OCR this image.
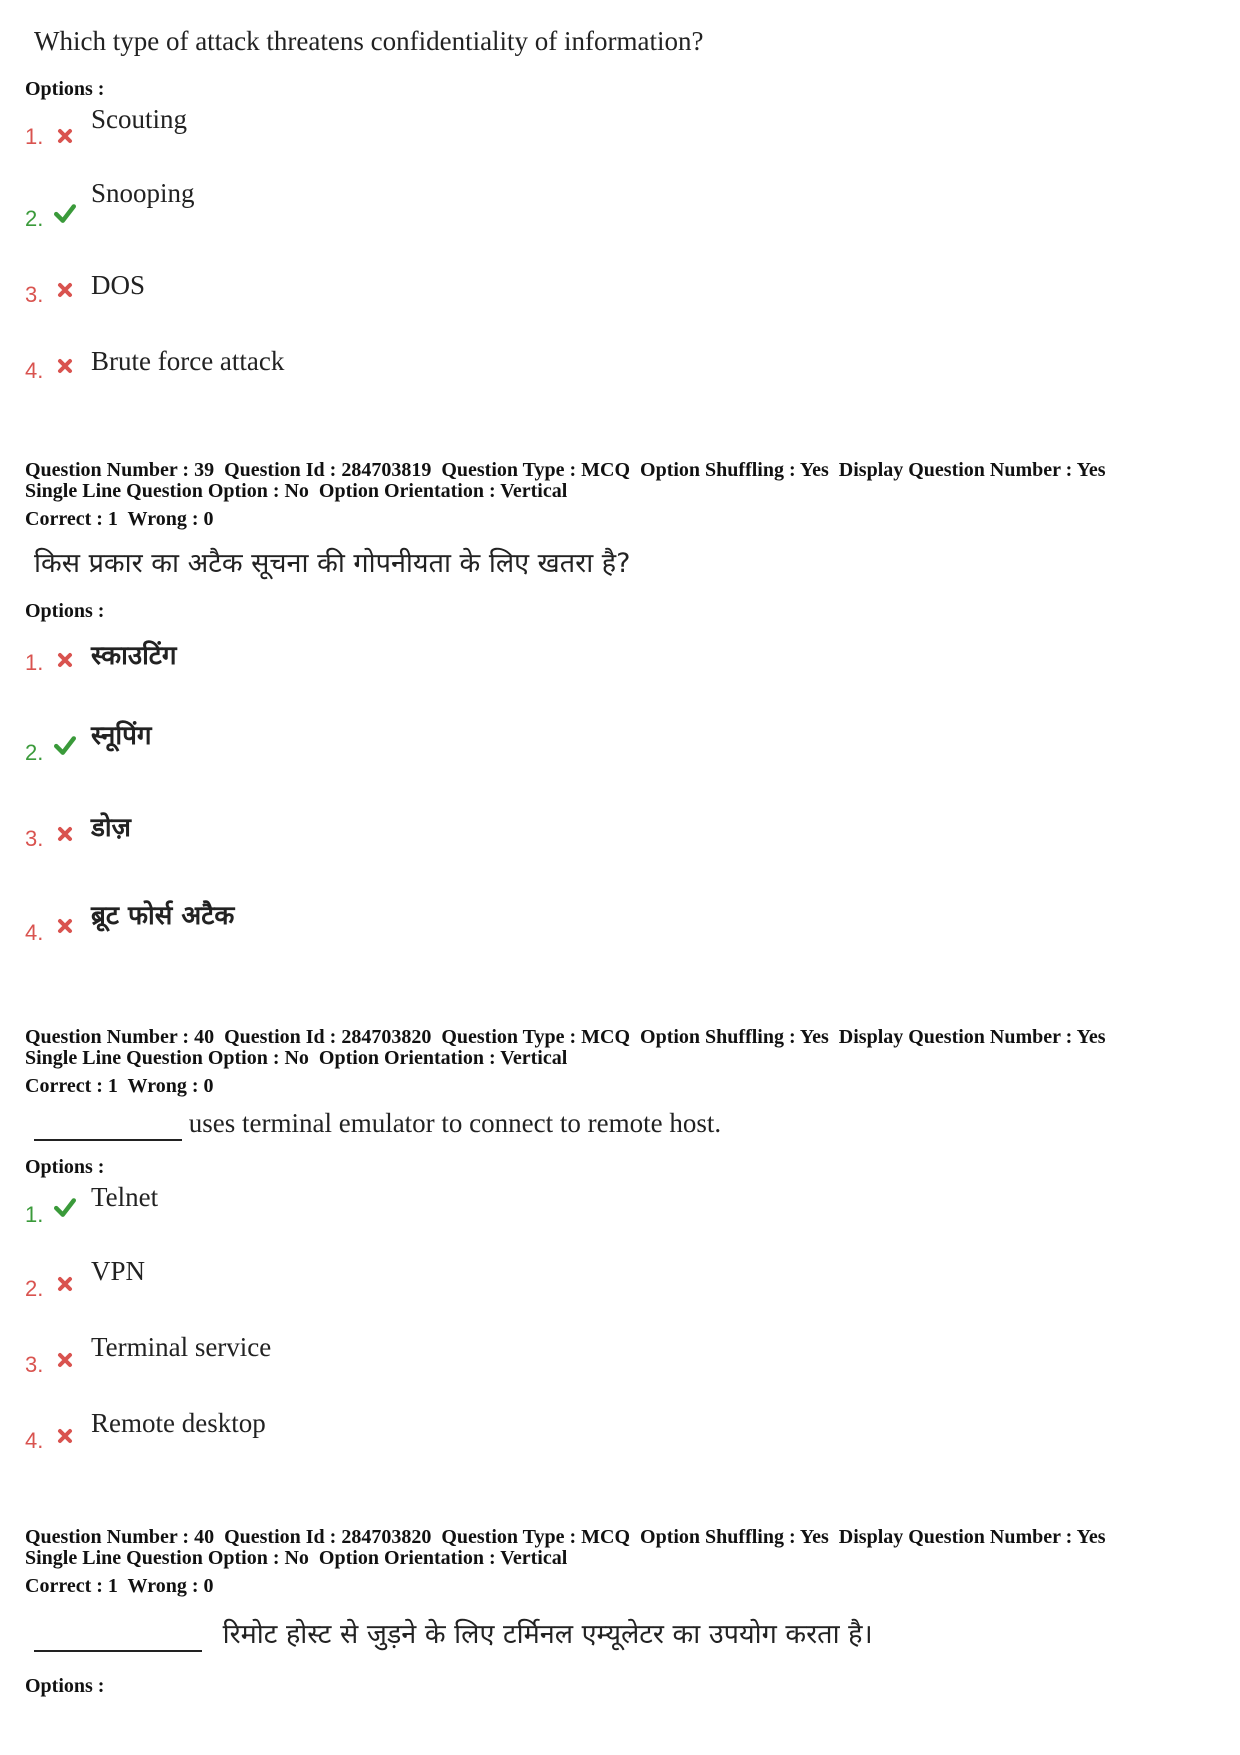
Which type of attack threatens confidentiality of information?
Options :
1.
Scouting
2.
Snooping
3. DOS
4. Brute force attack
Question Number : 39  Question Id : 284703819  Question Type : MCQ  Option Shuffling : Yes  Display Question Number : Yes
Single Line Question Option : No  Option Orientation : Vertical
Correct : 1  Wrong : 0
किस प्रकार का अटैक सूचना की गोपनीयता के लिए खतरा है?
Options :
1. स्काउटिंग
2.
स्नूपिंग
3. डोज़
4.
ब्रूट फोर्स अटैक
Question Number : 40  Question Id : 284703820  Question Type : MCQ  Option Shuffling : Yes  Display Question Number : Yes
Single Line Question Option : No  Option Orientation : Vertical
Correct : 1  Wrong : 0
uses terminal emulator to connect to remote host.
Options :
1.
Telnet
2.
VPN
3.
Terminal service
4.
Remote desktop
Question Number : 40  Question Id : 284703820  Question Type : MCQ  Option Shuffling : Yes  Display Question Number : Yes
Single Line Question Option : No  Option Orientation : Vertical
Correct : 1  Wrong : 0
रिमोट होस्ट से जुड़ने के लिए टर्मिनल एम्यूलेटर का उपयोग करता है।
Options :
